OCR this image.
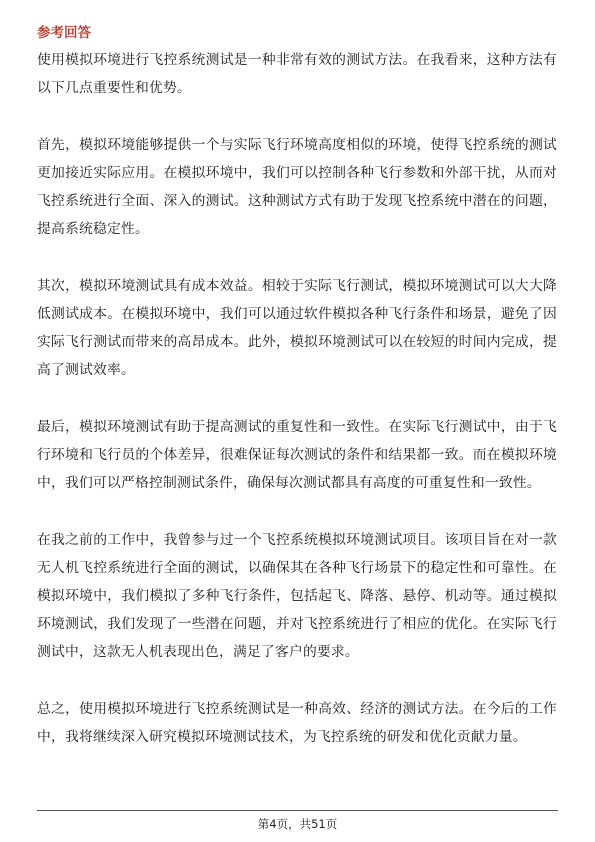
参考回答

使用模拟环境进行飞控系统测试是一种非常有效的测试方法。在我看来，这种方法有以下几点重要性和优势。

首先，模拟环境能够提供一个与实际飞行环境高度相似的环境，使得飞控系统的测试更加接近实际应用。在模拟环境中，我们可以控制各种飞行参数和外部干扰，从而对飞控系统进行全面、深入的测试。这种测试方式有助于发现飞控系统中潜在的问题，提高系统稳定性。

其次，模拟环境测试具有成本效益。相较于实际飞行测试，模拟环境测试可以大大降低测试成本。在模拟环境中，我们可以通过软件模拟各种飞行条件和场景，避免了因实际飞行测试而带来的高昂成本。此外，模拟环境测试可以在较短的时间内完成，提高了测试效率。

最后，模拟环境测试有助于提高测试的重复性和一致性。在实际飞行测试中，由于飞行环境和飞行员的个体差异，很难保证每次测试的条件和结果都一致。而在模拟环境中，我们可以严格控制测试条件，确保每次测试都具有高度的可重复性和一致性。

在我之前的工作中，我曾参与过一个飞控系统模拟环境测试项目。该项目旨在对一款无人机飞控系统进行全面的测试，以确保其在各种飞行场景下的稳定性和可靠性。在模拟环境中，我们模拟了多种飞行条件，包括起飞、降落、悬停、机动等。通过模拟环境测试，我们发现了一些潜在问题，并对飞控系统进行了相应的优化。在实际飞行测试中，这款无人机表现出色，满足了客户的要求。

总之，使用模拟环境进行飞控系统测试是一种高效、经济的测试方法。在今后的工作中，我将继续深入研究模拟环境测试技术，为飞控系统的研发和优化贡献力量。

第4页，共51页
